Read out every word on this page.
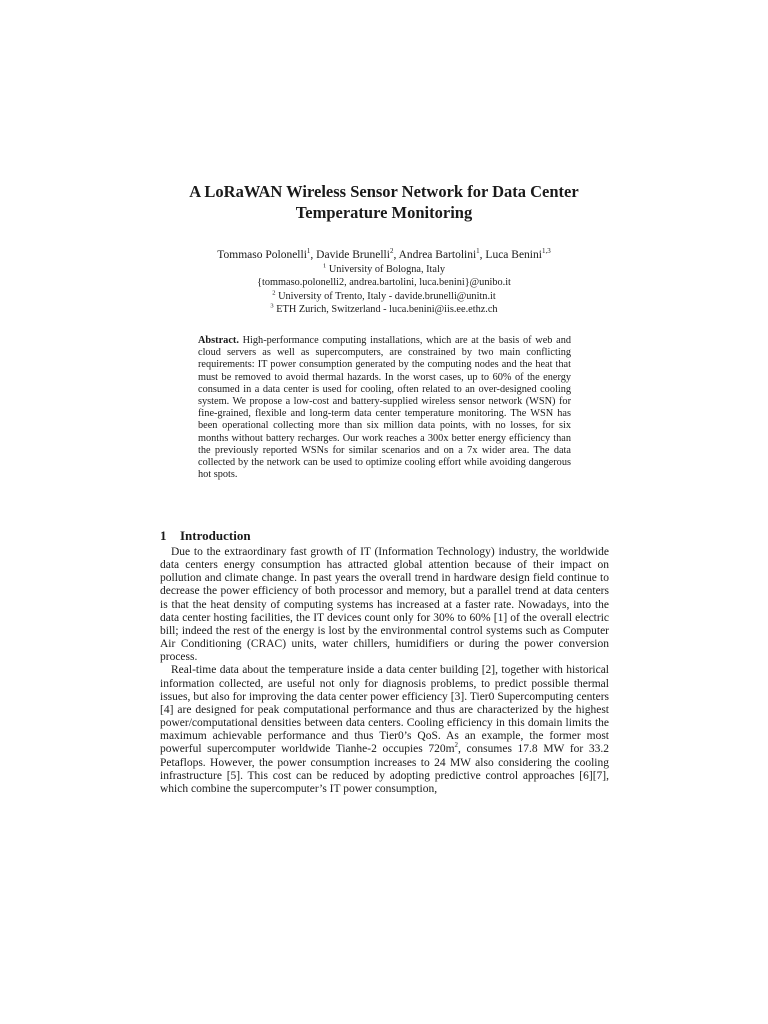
A LoRaWAN Wireless Sensor Network for Data Center
Temperature Monitoring
Tommaso Polonelli$^1$, Davide Brunelli$^2$, Andrea Bartolini$^1$, Luca Benini$^{1,3}$
$^1$ University of Bologna, Italy
{tommaso.polonelli2, andrea.bartolini, luca.benini}@unibo.it
$^2$ University of Trento, Italy - davide.brunelli@unitn.it
$^3$ ETH Zurich, Switzerland - luca.benini@iis.ee.ethz.ch
Abstract. High-performance computing installations, which are at the basis of web and cloud servers as well as supercomputers, are constrained by two main conflicting requirements: IT power consumption generated by the computing nodes and the heat that must be removed to avoid thermal hazards. In the worst cases, up to 60% of the energy consumed in a data center is used for cooling, often related to an over-designed cooling system. We propose a low-cost and battery-supplied wireless sensor network (WSN) for fine-grained, flexible and long-term data center temperature monitoring. The WSN has been operational collecting more than six million data points, with no losses, for six months without battery recharges. Our work reaches a 300x better energy efficiency than the previously reported WSNs for similar scenarios and on a 7x wider area. The data collected by the network can be used to optimize cooling effort while avoiding dangerous hot spots.
1 Introduction

Due to the extraordinary fast growth of IT (Information Technology) industry, the worldwide data centers energy consumption has attracted global attention because of their impact on pollution and climate change. In past years the overall trend in hardware design field continue to decrease the power efficiency of both processor and memory, but a parallel trend at data centers is that the heat density of computing systems has increased at a faster rate. Nowadays, into the data center hosting facilities, the IT devices count only for 30% to 60% [1] of the overall electric bill; indeed the rest of the energy is lost by the environmental control systems such as Computer Air Conditioning (CRAC) units, water chillers, humidifiers or during the power conversion process.

Real-time data about the temperature inside a data center building [2], together with historical information collected, are useful not only for diagnosis problems, to predict possible thermal issues, but also for improving the data center power efficiency [3]. Tier0 Supercomputing centers [4] are designed for peak computational performance and thus are characterized by the highest power/computational densities between data centers. Cooling efficiency in this domain limits the maximum achievable performance and thus Tier0’s QoS. As an example, the former most powerful supercomputer worldwide Tianhe-2 occupies $720m^2$, consumes 17.8 MW for 33.2 Petaflops. However, the power consumption increases to 24 MW also considering the cooling infrastructure [5]. This cost can be reduced by adopting predictive control approaches [6][7], which combine the supercomputer’s IT power consumption,
